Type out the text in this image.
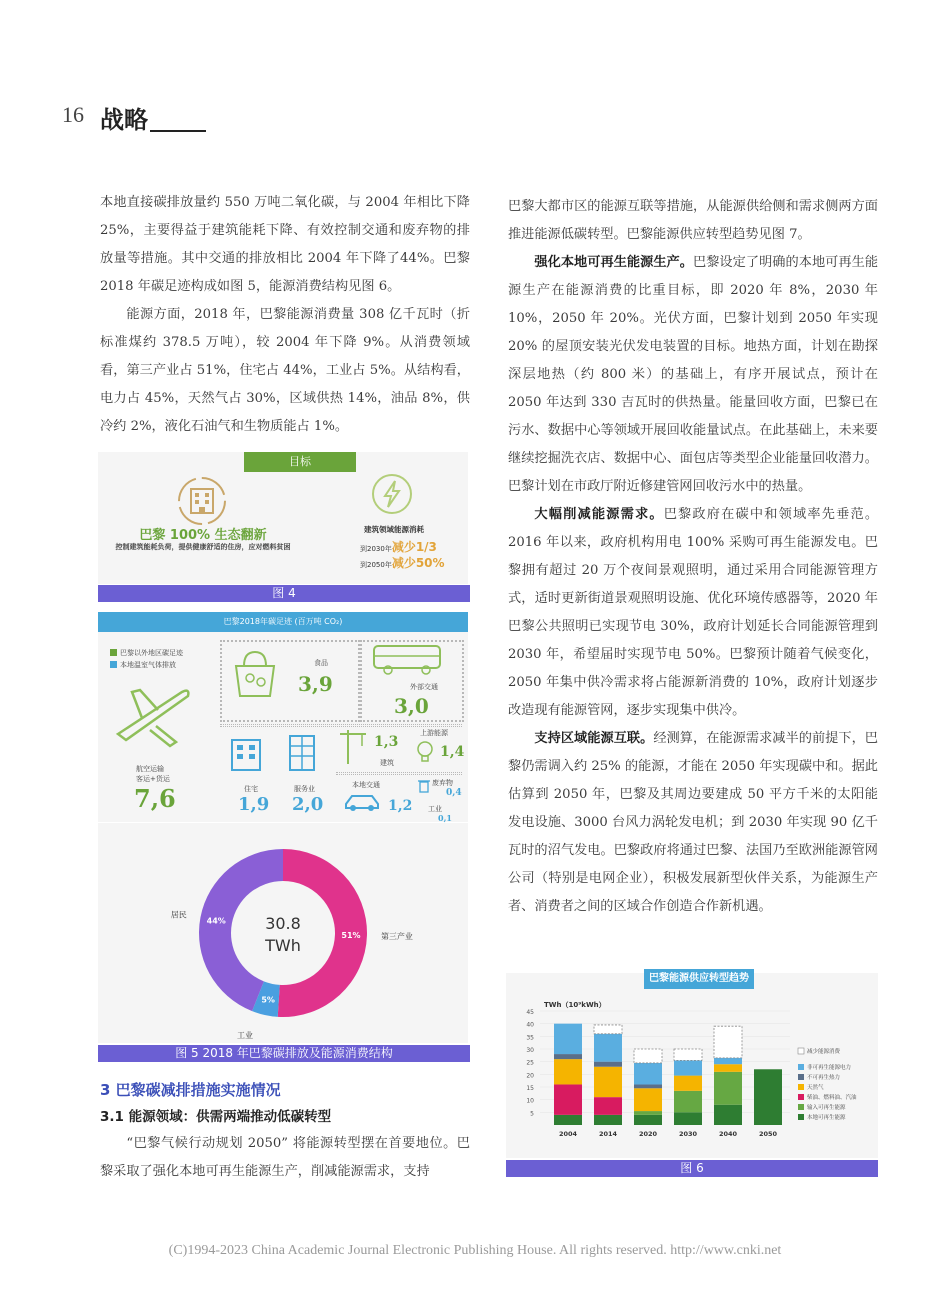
16 战略

本地直接碳排放量约 550 万吨二氧化碳，与 2004 年相比下降 25%，主要得益于建筑能耗下降、有效控制交通和废弃物的排放量等措施。其中交通的排放相比 2004 年下降了44%。巴黎 2018 年碳足迹构成如图 5，能源消费结构见图 6。

能源方面，2018 年，巴黎能源消费量 308 亿千瓦时（折标准煤约 378.5 万吨），较 2004 年下降 9%。从消费领域看，第三产业占 51%，住宅占 44%，工业占 5%。从结构看，电力占 45%，天然气占 30%，区域供热 14%，油品 8%，供冷约 2%，液化石油气和生物质能占 1%。

目标
巴黎 100% 生态翻新
控制建筑能耗负荷，提供健康舒适的住房，应对燃料贫困
建筑领域能源消耗
到2030年减少1/3
到2050年减少50%
图 4
巴黎2018年碳足迹 (百万吨 CO₂)
巴黎以外地区碳足迹
本地温室气体排放
航空运输
客运+货运
7,6
食品
3,9	外部交通
3,0
1,3
建筑
上游能源
1,4
住宅
1,9
服务业
2,0
本地交通
1,2
废弃物
0,4
工业
0,1
51%	第三产业
5%
工业
44%
居民	30.8
TWh
图 5 2018 年巴黎碳排放及能源消费结构
3 巴黎碳减排措施实施情况
3.1 能源领域：供需两端推动低碳转型
“巴黎气候行动规划 2050” 将能源转型摆在首要地位。巴黎采取了强化本地可再生能源生产，削减能源需求，支持

巴黎大都市区的能源互联等措施，从能源供给侧和需求侧两方面推进能源低碳转型。巴黎能源供应转型趋势见图 7。

强化本地可再生能源生产。巴黎设定了明确的本地可再生能源生产在能源消费的比重目标，即 2020 年 8%，2030 年 10%，2050 年 20%。光伏方面，巴黎计划到 2050 年实现 20% 的屋顶安装光伏发电装置的目标。地热方面，计划在勘探深层地热（约 800 米）的基础上，有序开展试点，预计在 2050 年达到 330 吉瓦时的供热量。能量回收方面，巴黎已在污水、数据中心等领域开展回收能量试点。在此基础上，未来要继续挖掘洗衣店、数据中心、面包店等类型企业能量回收潜力。巴黎计划在市政厅附近修建管网回收污水中的热量。

大幅削减能源需求。巴黎政府在碳中和领域率先垂范。2016 年以来，政府机构用电 100% 采购可再生能源发电。巴黎拥有超过 20 万个夜间景观照明，通过采用合同能源管理方式，适时更新街道景观照明设施、优化环境传感器等，2020 年巴黎公共照明已实现节电 30%，政府计划延长合同能源管理到 2030 年，希望届时实现节电 50%。巴黎预计随着气候变化，2050 年集中供冷需求将占能源新消费的 10%，政府计划逐步改造现有能源管网，逐步实现集中供冷。

支持区域能源互联。经测算，在能源需求减半的前提下，巴黎仍需调入约 25% 的能源，才能在 2050 年实现碳中和。据此估算到 2050 年，巴黎及其周边要建成 50 平方千米的太阳能发电设施、3000 台风力涡轮发电机；到 2030 年实现 90 亿千瓦时的沼气发电。巴黎政府将通过巴黎、法国乃至欧洲能源管网公司（特别是电网企业），积极发展新型伙伴关系，为能源生产者、消费者之间的区域合作创造合作新机遇。

巴黎能源供应转型趋势
TWh（10⁹kWh）
5
10
15
20
25
30
35
40
45
2004	2014	2020	2030	2040	2050
减少能源消费
非可再生能源电力
不可再生热力
天然气
柴油、燃料油、汽油
输入可再生能源
本地可再生能源
图 6
(C)1994-2023 China Academic Journal Electronic Publishing House. All rights reserved. http://www.cnki.net
